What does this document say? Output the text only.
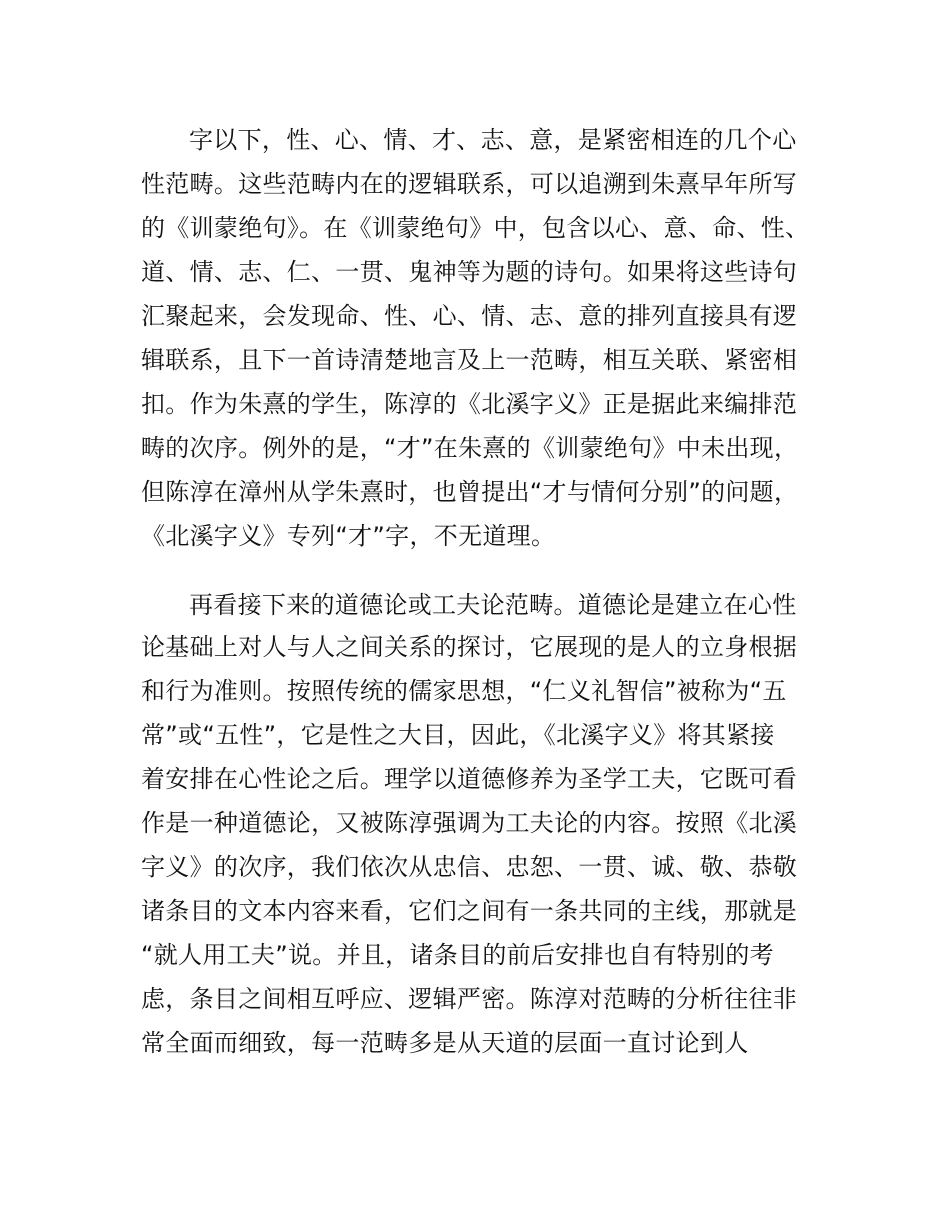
字以下，性、心、情、才、志、意，是紧密相连的几个心
性范畴。这些范畴内在的逻辑联系，可以追溯到朱熹早年所写
的《训蒙绝句》。在《训蒙绝句》中，包含以心、意、命、性、
道、情、志、仁、一贯、鬼神等为题的诗句。如果将这些诗句
汇聚起来，会发现命、性、心、情、志、意的排列直接具有逻
辑联系，且下一首诗清楚地言及上一范畴，相互关联、紧密相
扣。作为朱熹的学生，陈淳的《北溪字义》正是据此来编排范
畴的次序。例外的是，“才”在朱熹的《训蒙绝句》中未出现，
但陈淳在漳州从学朱熹时，也曾提出“才与情何分别”的问题，
《北溪字义》专列“才”字，不无道理。
再看接下来的道德论或工夫论范畴。道德论是建立在心性
论基础上对人与人之间关系的探讨，它展现的是人的立身根据
和行为准则。按照传统的儒家思想，“仁义礼智信”被称为“五
常”或“五性”，它是性之大目，因此，《北溪字义》将其紧接
着安排在心性论之后。理学以道德修养为圣学工夫，它既可看
作是一种道德论，又被陈淳强调为工夫论的内容。按照《北溪
字义》的次序，我们依次从忠信、忠恕、一贯、诚、敬、恭敬
诸条目的文本内容来看，它们之间有一条共同的主线，那就是
“就人用工夫”说。并且，诸条目的前后安排也自有特别的考
虑，条目之间相互呼应、逻辑严密。陈淳对范畴的分析往往非
常全面而细致，每一范畴多是从天道的层面一直讨论到人
